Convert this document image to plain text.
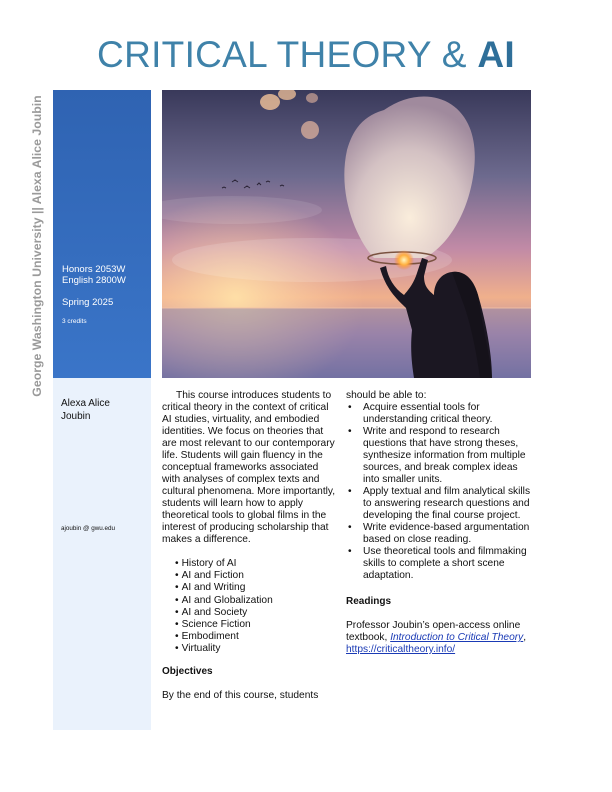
CRITICAL THEORY & AI
George Washington University || Alexa Alice Joubin Honors 2053W
English 2800W
Spring 2025
3 credits
Alexa Alice
Joubin
ajoubin @ gwu.edu

This course introduces students to critical theory in the context of critical AI studies, virtuality, and embodied identities. We focus on theories that are most relevant to our contemporary life. Students will gain fluency in the conceptual frameworks associated with analyses of complex texts and cultural phenomena. More importantly, students will learn how to apply theoretical tools to global films in the interest of producing scholarship that makes a difference.

• History of AI
• AI and Fiction
• AI and Writing
• AI and Globalization
• AI and Society
• Science Fiction
• Embodiment
• Virtuality
Objectives

By the end of this course, students

should be able to:
• Acquire essential tools for understanding critical theory.
• Write and respond to research questions that have strong theses, synthesize information from multiple sources, and break complex ideas into smaller units.
• Apply textual and film analytical skills to answering research questions and developing the final course project.
• Write evidence-based argumentation based on close reading.
• Use theoretical tools and filmmaking skills to complete a short scene adaptation.
Readings
Professor Joubin’s open-access online textbook, Introduction to Critical Theory, https://criticaltheory.info/
